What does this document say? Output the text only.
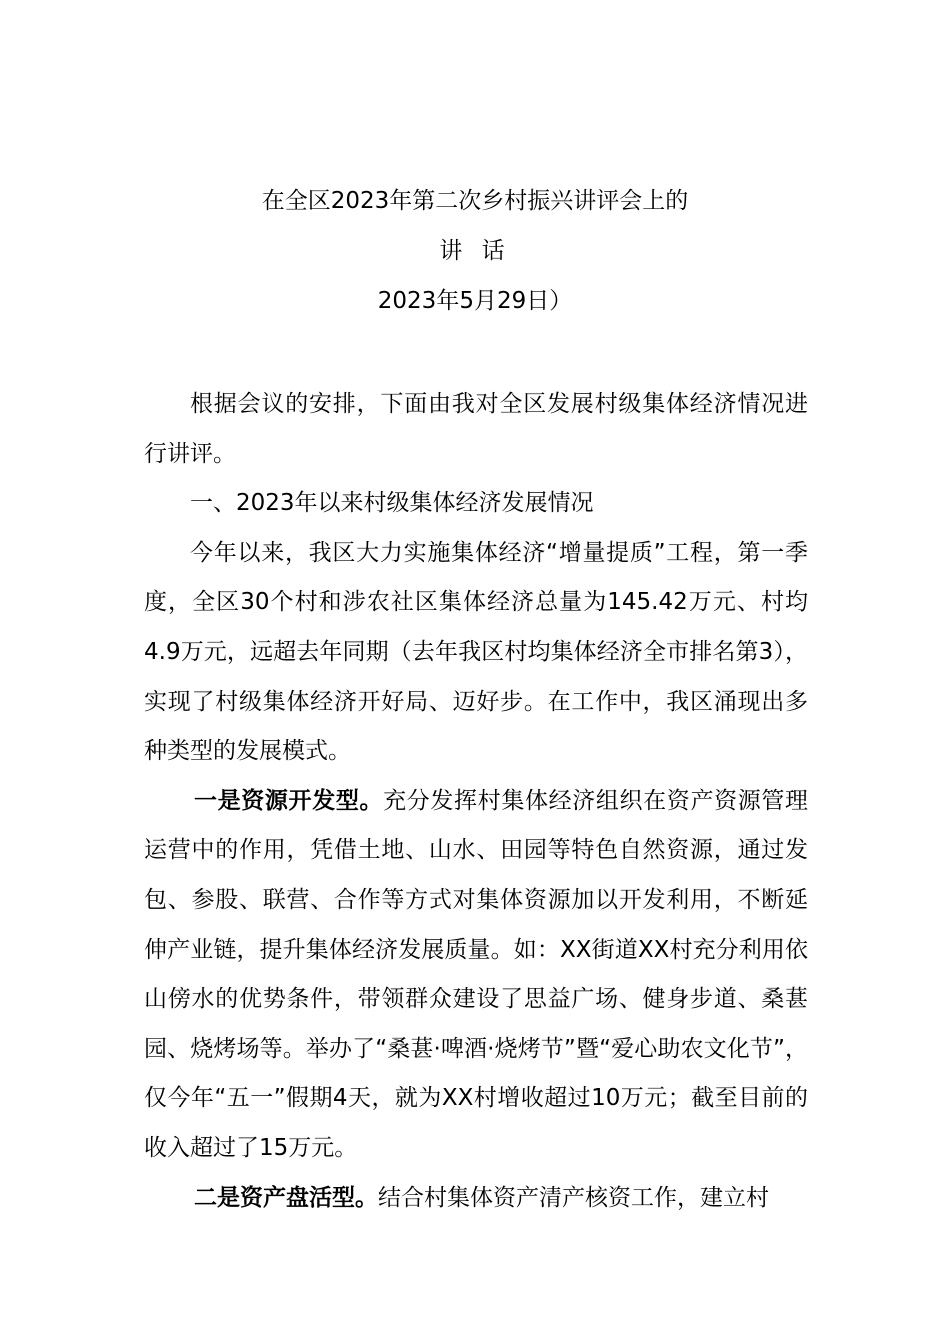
在全区2023年第二次乡村振兴讲评会上的
讲 话
2023年5月29日）

根据会议的安排，下面由我对全区发展村级集体经济情况进行讲评。

一、2023年以来村级集体经济发展情况

今年以来，我区大力实施集体经济“增量提质”工程，第一季度，全区30个村和涉农社区集体经济总量为145.42万元、村均4.9万元，远超去年同期（去年我区村均集体经济全市排名第3），实现了村级集体经济开好局、迈好步。在工作中，我区涌现出多种类型的发展模式。

一是资源开发型。充分发挥村集体经济组织在资产资源管理运营中的作用，凭借土地、山水、田园等特色自然资源，通过发包、参股、联营、合作等方式对集体资源加以开发利用，不断延伸产业链，提升集体经济发展质量。如：XX街道XX村充分利用依山傍水的优势条件，带领群众建设了思益广场、健身步道、桑葚园、烧烤场等。举办了“桑葚·啤酒·烧烤节”暨“爱心助农文化节”，仅今年“五一”假期4天，就为XX村增收超过10万元；截至目前的收入超过了15万元。

二是资产盘活型。结合村集体资产清产核资工作，建立村
